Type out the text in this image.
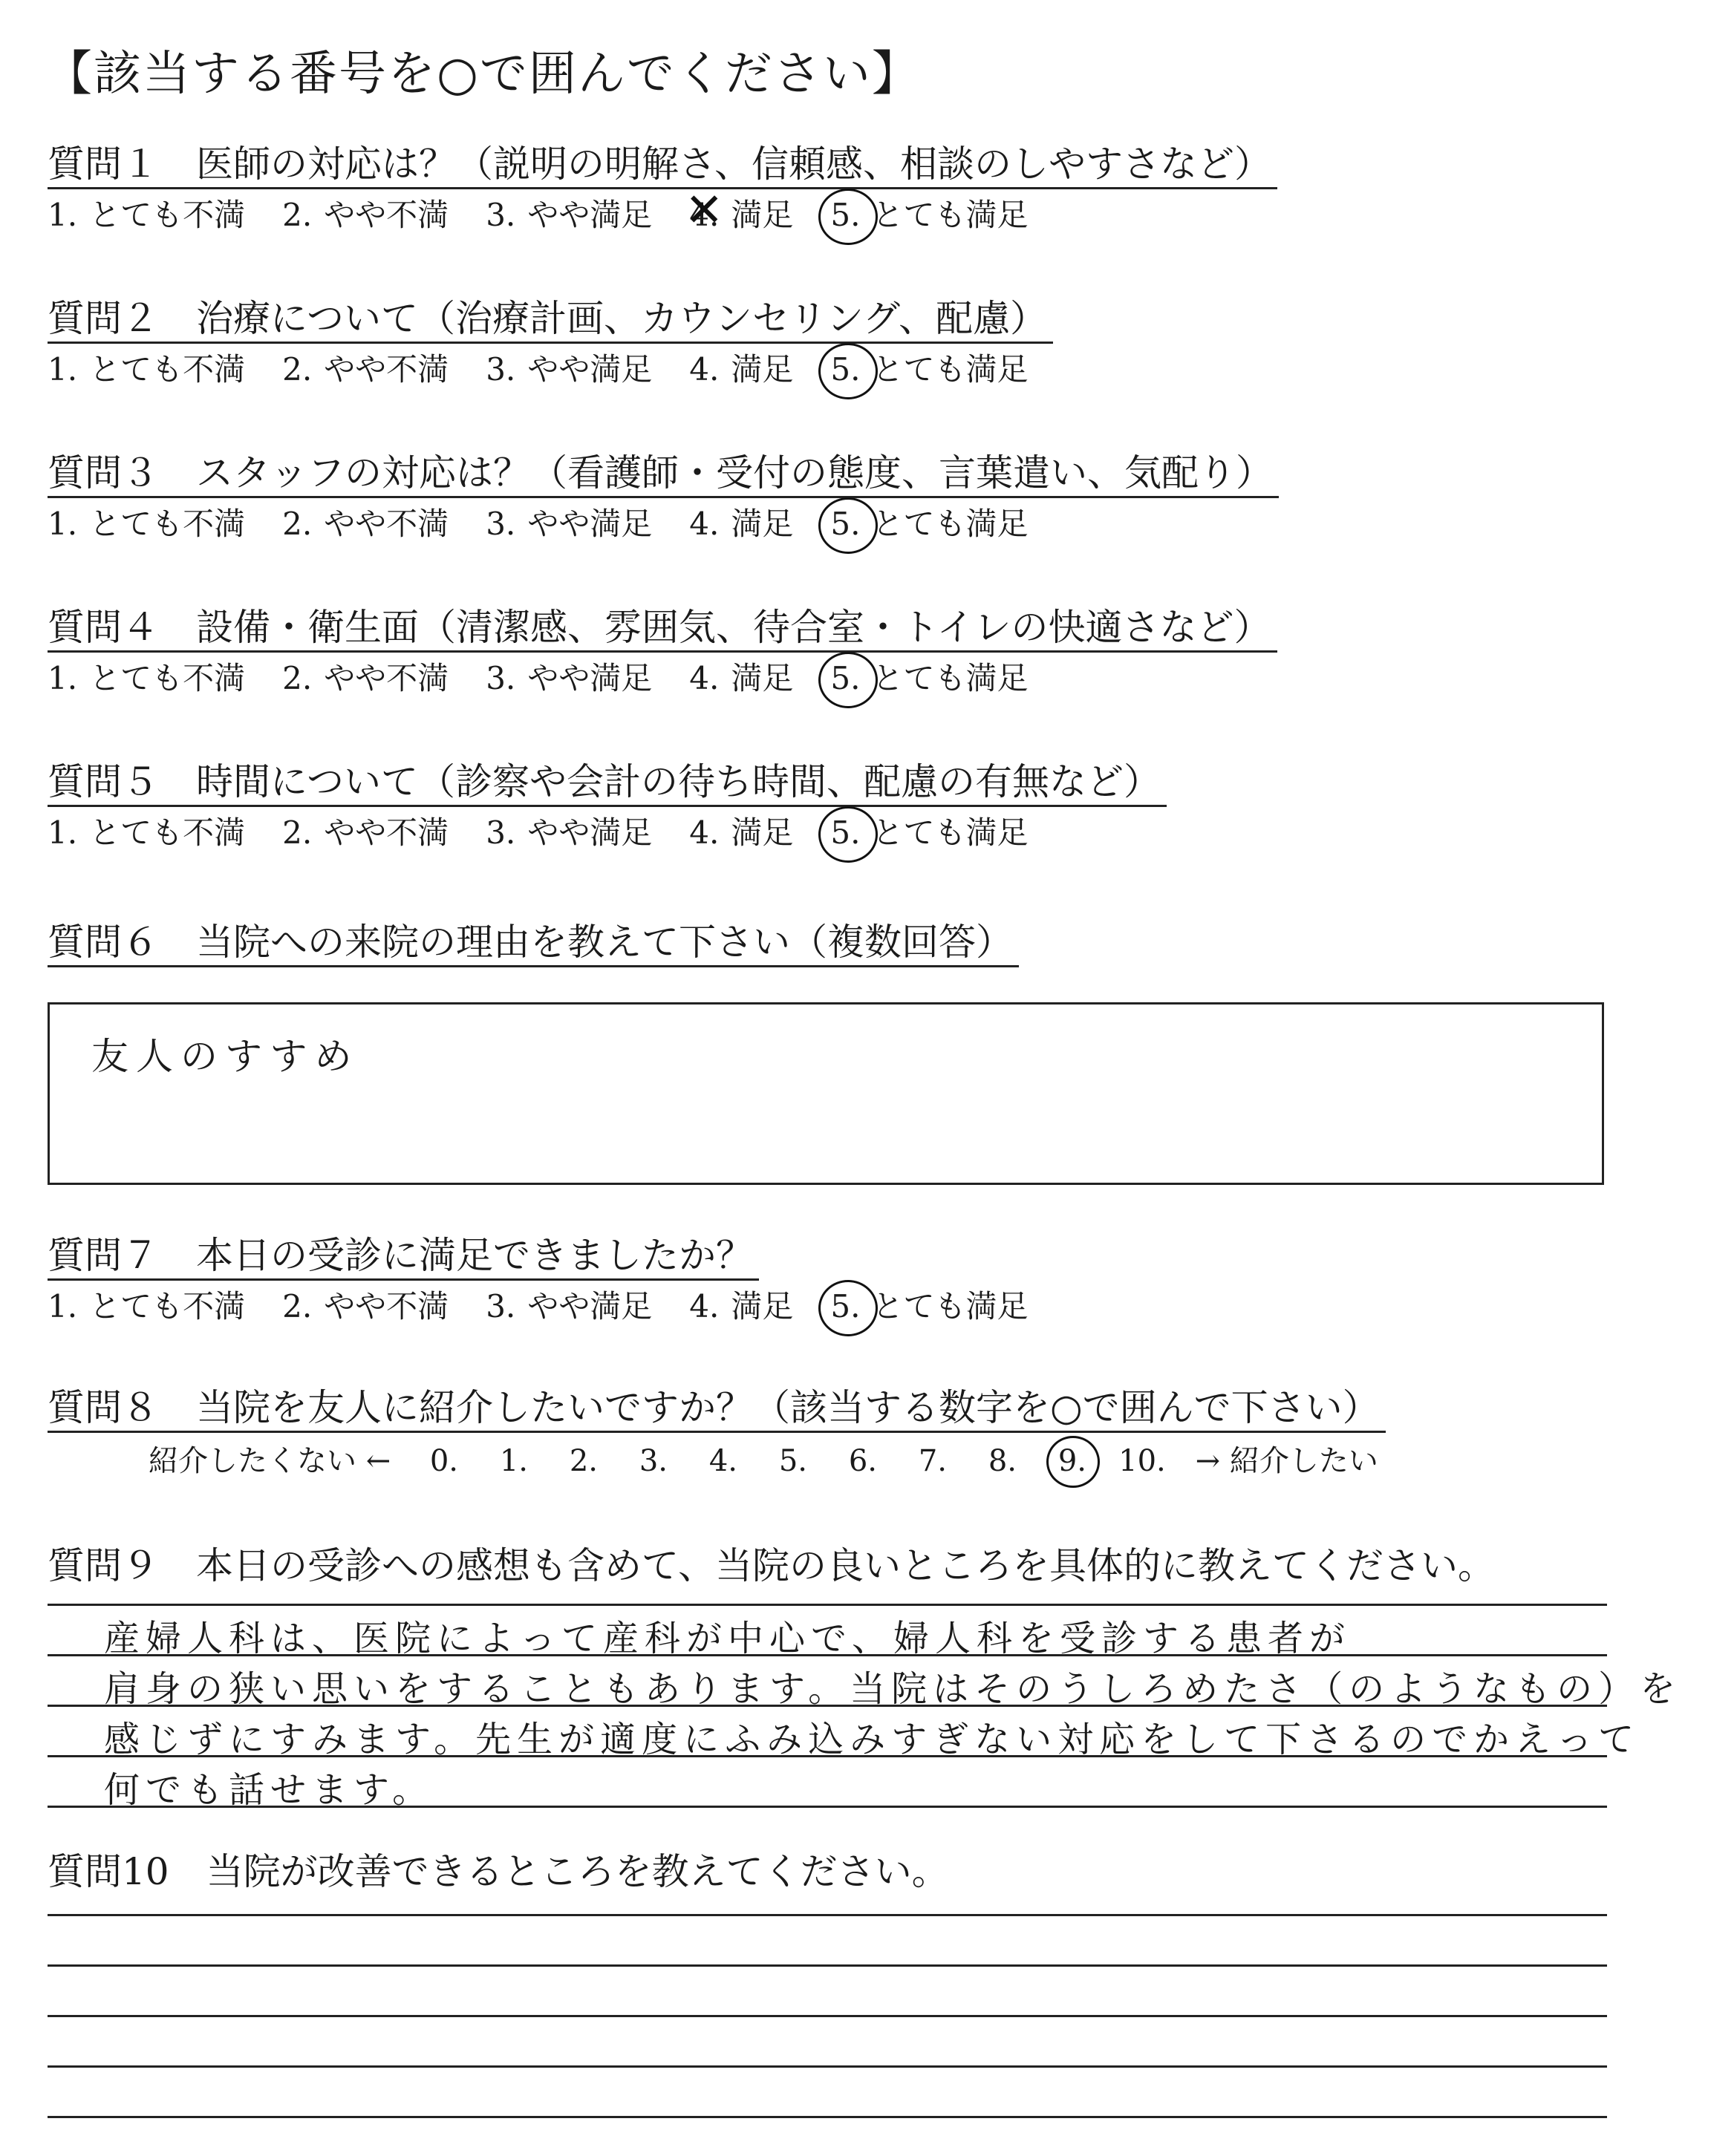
【該当する番号を○で囲んでください】
質問１ 医師の対応は？（説明の明解さ、信頼感、相談のしやすさなど）
1. とても不満 2. やや不満 3. やや満足 4. ✕ 満足 5. とても満足
質問２ 治療について（治療計画、カウンセリング、配慮）
1. とても不満 2. やや不満 3. やや満足 4. 満足 5. とても満足
質問３ スタッフの対応は？（看護師・受付の態度、言葉遣い、気配り）
1. とても不満 2. やや不満 3. やや満足 4. 満足 5. とても満足
質問４ 設備・衛生面（清潔感、雰囲気、待合室・トイレの快適さなど）
1. とても不満 2. やや不満 3. やや満足 4. 満足 5. とても満足
質問５ 時間について（診察や会計の待ち時間、配慮の有無など）
1. とても不満 2. やや不満 3. やや満足 4. 満足 5. とても満足
質問６ 当院への来院の理由を教えて下さい（複数回答）
友人のすすめ
質問７ 本日の受診に満足できましたか？
1. とても不満 2. やや不満 3. やや満足 4. 満足 5. とても満足
質問８ 当院を友人に紹介したいですか？（該当する数字を○で囲んで下さい）
紹介したくない ← 0. 1. 2. 3. 4. 5. 6. 7. 8. 9. 10. → 紹介したい
質問９ 本日の受診への感想も含めて、当院の良いところを具体的に教えてください。
産婦人科は、医院によって産科が中心で、婦人科を受診する患者が
肩身の狭い思いをすることもあります。当院はそのうしろめたさ（のようなもの）を
感じずにすみます。先生が適度にふみ込みすぎない対応をして下さるのでかえって
何でも話せます。
質問10 当院が改善できるところを教えてください。
